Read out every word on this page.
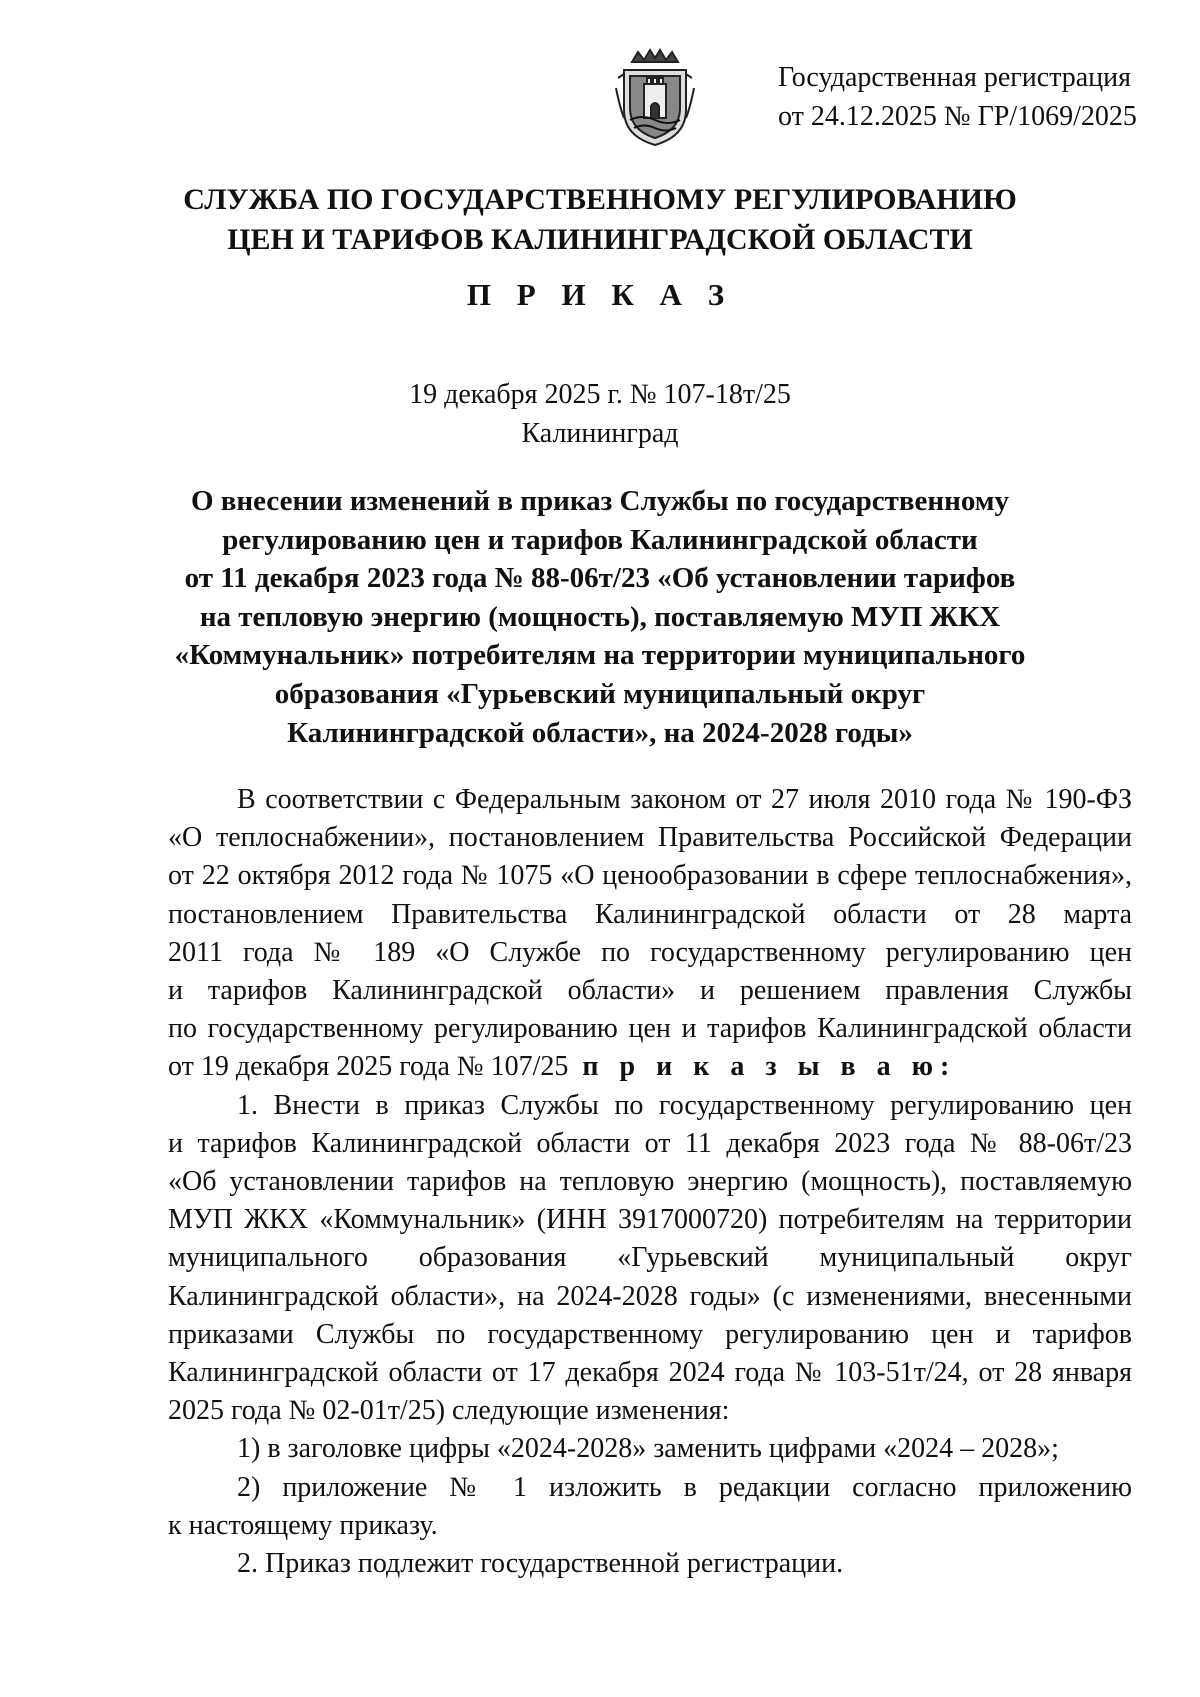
Государственная регистрация
от 24.12.2025 № ГР/1069/2025
СЛУЖБА ПО ГОСУДАРСТВЕННОМУ РЕГУЛИРОВАНИЮ
ЦЕН И ТАРИФОВ КАЛИНИНГРАДСКОЙ ОБЛАСТИ
П Р И К А З
19 декабря 2025 г. № 107-18т/25
Калининград
О внесении изменений в приказ Службы по государственному
регулированию цен и тарифов Калининградской области
от 11 декабря 2023 года № 88-06т/23 «Об установлении тарифов
на тепловую энергию (мощность), поставляемую МУП ЖКХ
«Коммунальник» потребителям на территории муниципального
образования «Гурьевский муниципальный округ
Калининградской области», на 2024-2028 годы»
В соответствии с Федеральным законом от 27 июля 2010 года № 190-ФЗ
«О теплоснабжении», постановлением Правительства Российской Федерации
от 22 октября 2012 года № 1075 «О ценообразовании в сфере теплоснабжения»,
постановлением Правительства Калининградской области от 28 марта
2011 года № 189 «О Службе по государственному регулированию цен
и тарифов Калининградской области» и решением правления Службы
по государственному регулированию цен и тарифов Калининградской области
от 19 декабря 2025 года № 107/25 п р и к а з ы в а ю:
1. Внести в приказ Службы по государственному регулированию цен
и тарифов Калининградской области от 11 декабря 2023 года № 88-06т/23
«Об установлении тарифов на тепловую энергию (мощность), поставляемую
МУП ЖКХ «Коммунальник» (ИНН 3917000720) потребителям на территории
муниципального образования «Гурьевский муниципальный округ
Калининградской области», на 2024-2028 годы» (с изменениями, внесенными
приказами Службы по государственному регулированию цен и тарифов
Калининградской области от 17 декабря 2024 года № 103-51т/24, от 28 января
2025 года № 02-01т/25) следующие изменения:
1) в заголовке цифры «2024-2028» заменить цифрами «2024 – 2028»;
2) приложение № 1 изложить в редакции согласно приложению
к настоящему приказу.
2. Приказ подлежит государственной регистрации.
